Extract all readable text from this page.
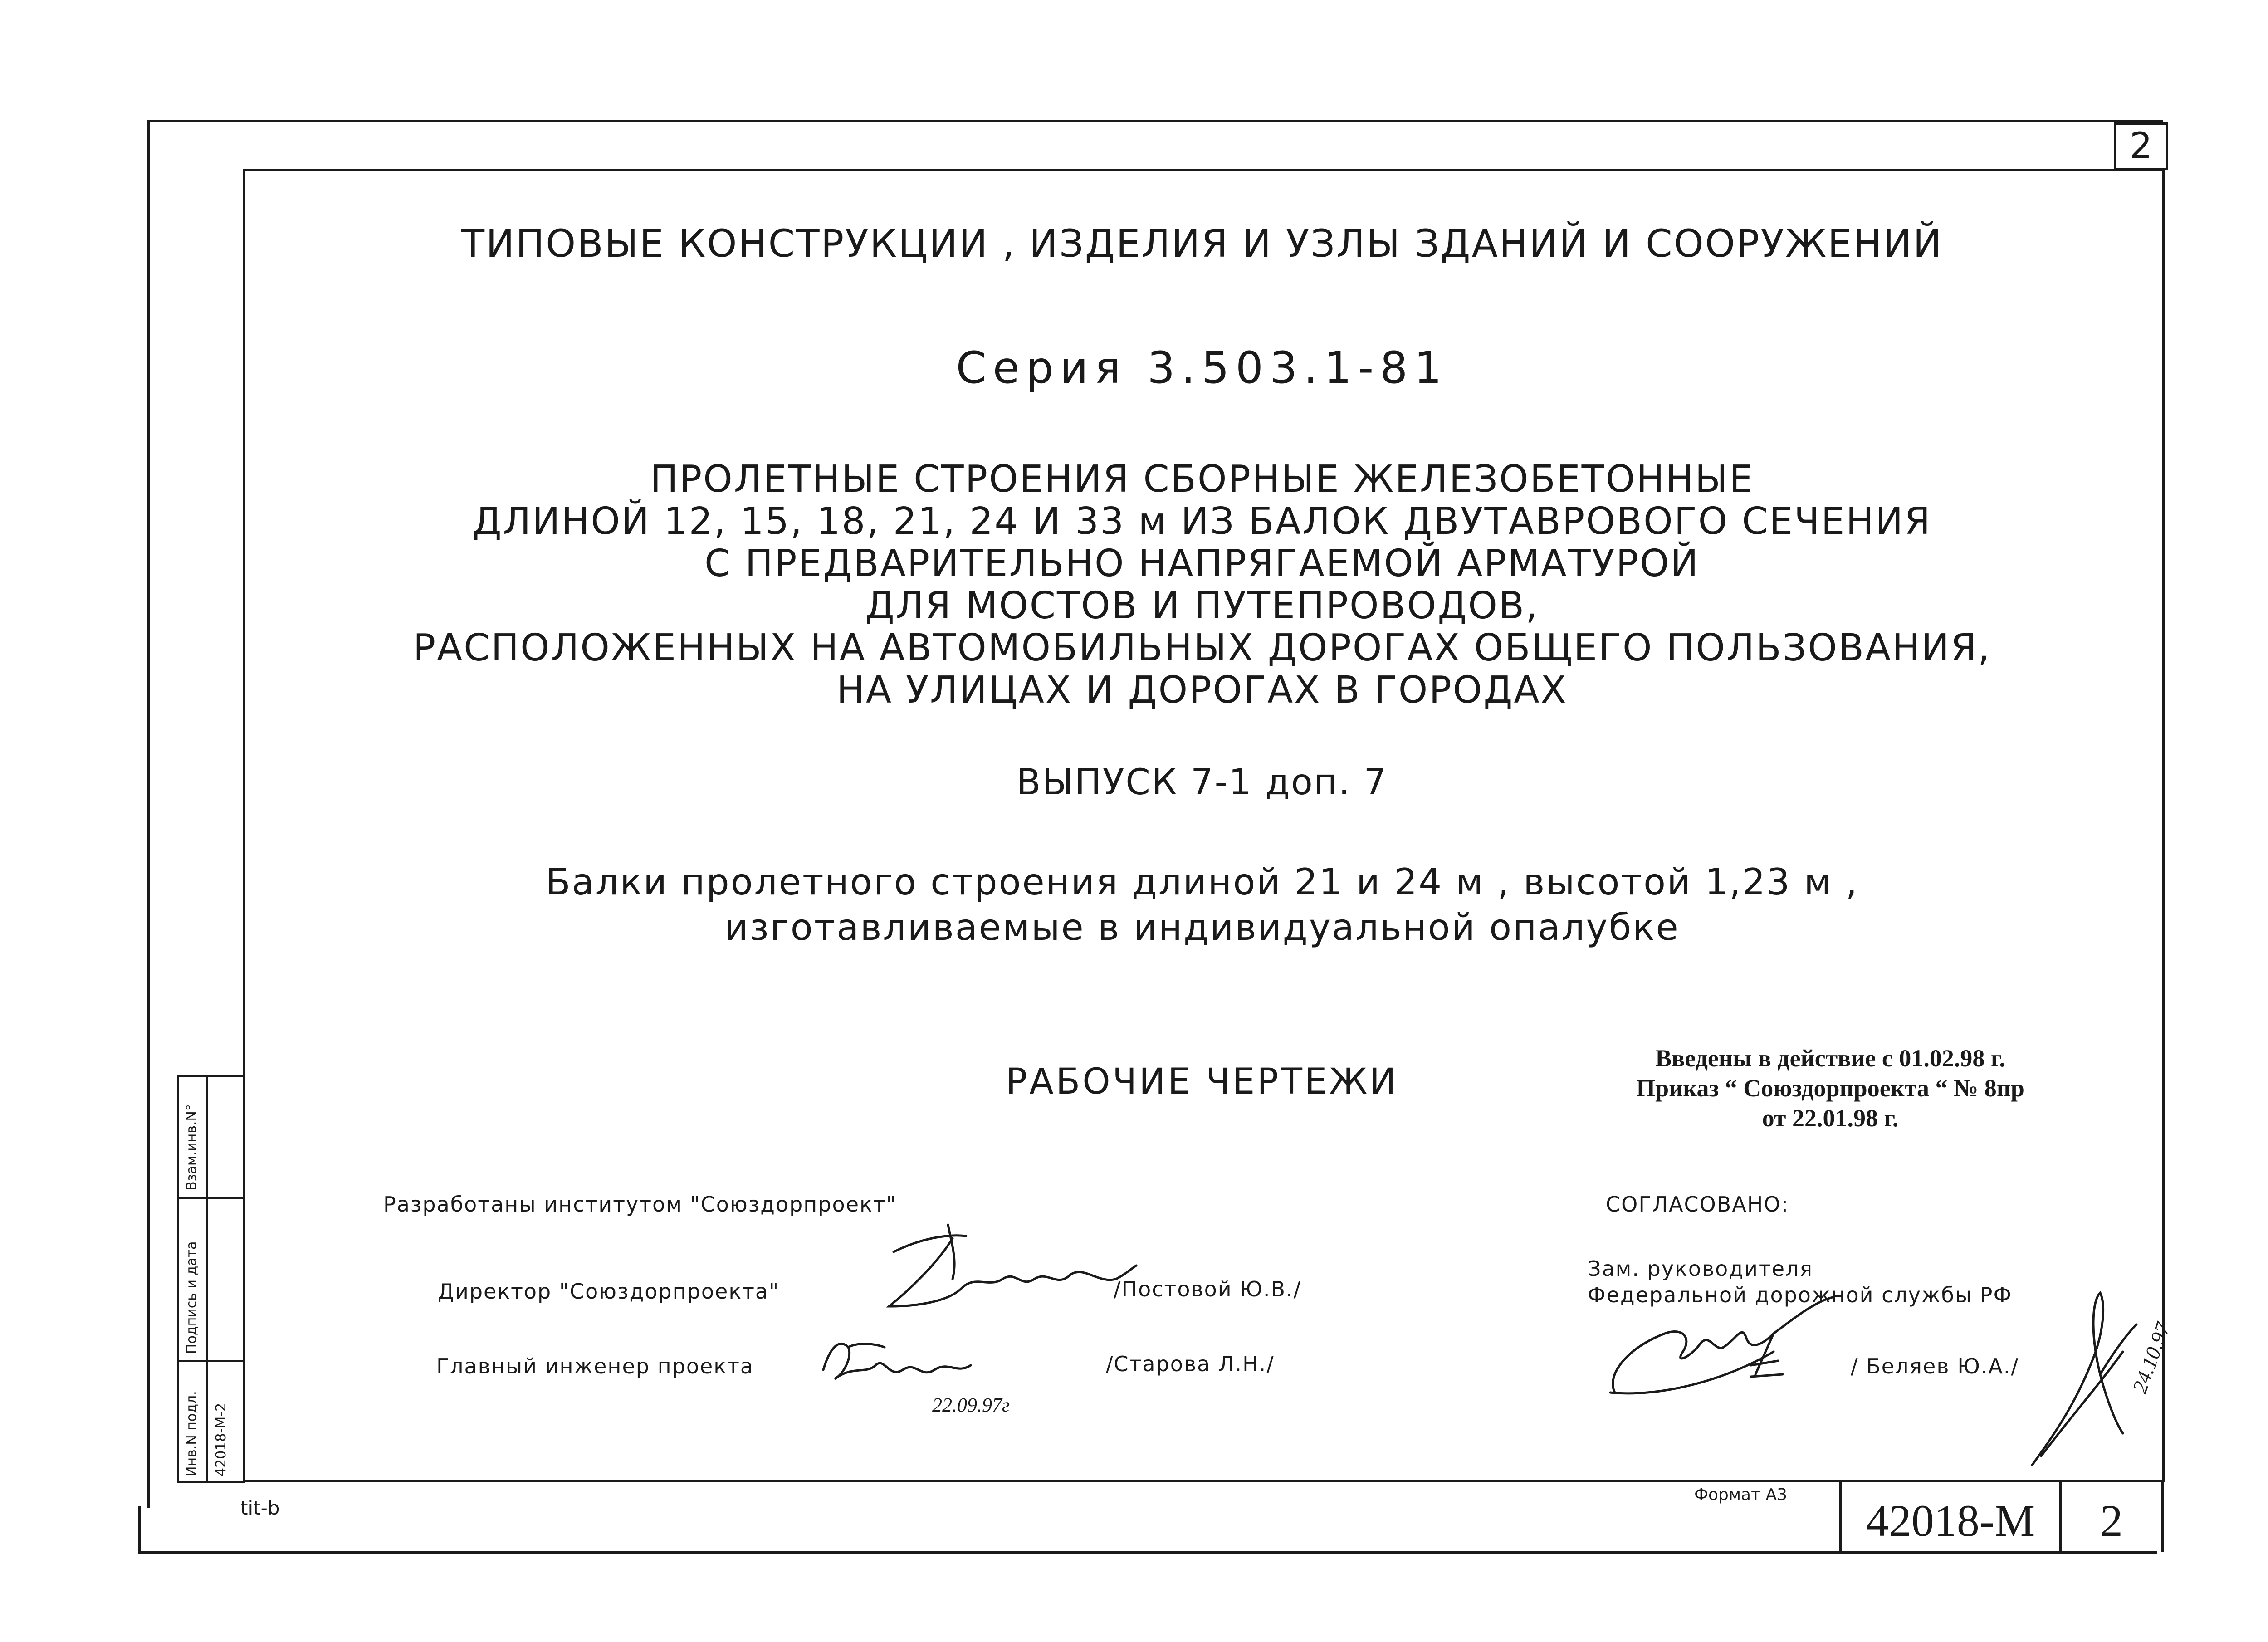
2
ТИПОВЫЕ КОНСТРУКЦИИ , ИЗДЕЛИЯ И УЗЛЫ ЗДАНИЙ И СООРУЖЕНИЙ
Серия 3.503.1-81
ПРОЛЕТНЫЕ СТРОЕНИЯ СБОРНЫЕ ЖЕЛЕЗОБЕТОННЫЕ
ДЛИНОЙ 12, 15, 18, 21, 24 И 33 м ИЗ БАЛОК ДВУТАВРОВОГО СЕЧЕНИЯ
С ПРЕДВАРИТЕЛЬНО НАПРЯГАЕМОЙ АРМАТУРОЙ
ДЛЯ МОСТОВ И ПУТЕПРОВОДОВ,
РАСПОЛОЖЕННЫХ НА АВТОМОБИЛЬНЫХ ДОРОГАХ ОБЩЕГО ПОЛЬЗОВАНИЯ,
НА УЛИЦАХ И ДОРОГАХ В ГОРОДАХ
ВЫПУСК 7-1 доп. 7
Балки пролетного строения длиной 21 и 24 м , высотой 1,23 м ,
изготавливаемые в индивидуальной опалубке
РАБОЧИЕ ЧЕРТЕЖИ
Введены в действие с 01.02.98 г.
Приказ “ Союздорпроекта “ № 8пр
от 22.01.98 г.
Разработаны институтом "Союздорпроект"
Директор "Союздорпроекта"	/Постовой Ю.В./
Главный инженер проекта	/Старова Л.Н./
22.09.97г
СОГЛАСОВАНО:
Зам. руководителя
Федеральной дорожной службы РФ
/ Беляев Ю.А./	24.10.97
Взам.инв.N°
Подпись и дата
Инв.N подл. 42018-М-2
tit-b
Формат А3
42018-М	2
